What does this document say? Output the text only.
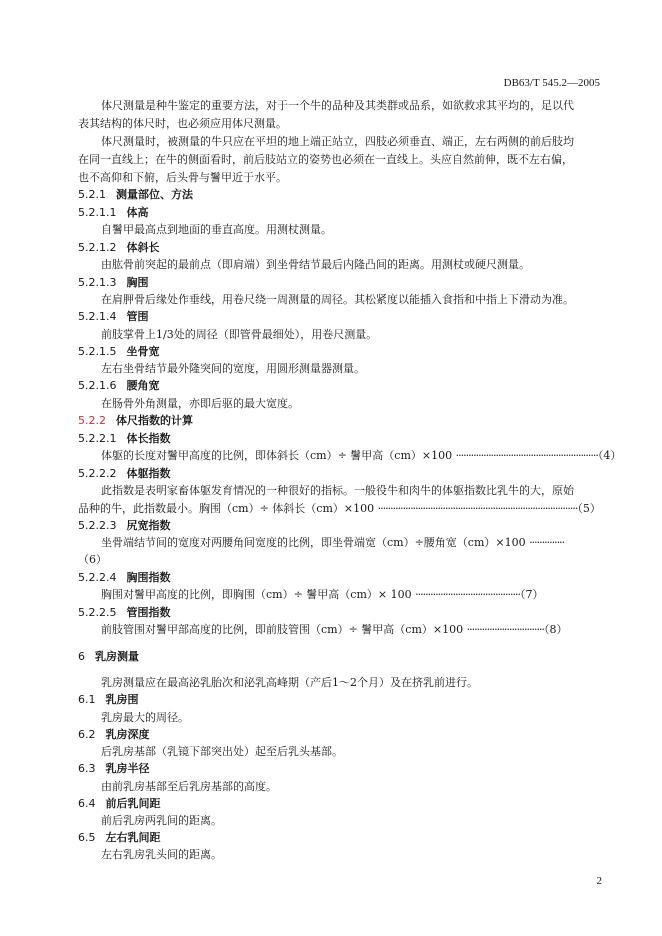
DB63/T 545.2—2005
体尺测量是种牛鉴定的重要方法，对于一个牛的品种及其类群或品系，如欲救求其平均的，足以代
表其结构的体尺时，也必须应用体尺测量。
体尺测量时，被测量的牛只应在平坦的地上端正站立，四肢必须垂直、端正，左右两侧的前后肢均
在同一直线上；在牛的侧面看时，前后肢站立的姿势也必须在一直线上。头应自然前伸，既不左右偏，
也不高仰和下俯，后头骨与鬐甲近于水平。
5.2.1 测量部位、方法
5.2.1.1 体高
自鬐甲最高点到地面的垂直高度。用测杖测量。
5.2.1.2 体斜长
由肱骨前突起的最前点（即肩端）到坐骨结节最后内隆凸间的距离。用测杖或硬尺测量。
5.2.1.3 胸围
在肩胛骨后缘处作垂线，用卷尺绕一周测量的周径。其松紧度以能插入食指和中指上下滑动为准。
5.2.1.4 管围
前肢掌骨上1/3处的周径（即管骨最细处），用卷尺测量。
5.2.1.5 坐骨宽
左右坐骨结节最外隆突间的宽度，用圆形测量器测量。
5.2.1.6 腰角宽
在肠骨外角测量，亦即后驱的最大宽度。
5.2.2 体尺指数的计算
5.2.2.1 体长指数
体躯的长度对鬐甲高度的比例，即体斜长（cm）÷ 鬐甲高（cm）×100 ·························································（4）
5.2.2.2 体躯指数
此指数是表明家畜体躯发育情况的一种很好的指标。一般役牛和肉牛的体躯指数比乳牛的大，原始
品种的牛，此指数最小。胸围（cm）÷ 体斜长（cm）×100 ················································································（5）
5.2.2.3 尻宽指数
坐骨端结节间的宽度对两腰角间宽度的比例，即坐骨端宽（cm）÷腰角宽（cm）×100 ··············
（6）
5.2.2.4 胸围指数
胸围对鬐甲高度的比例，即胸围（cm）÷ 鬐甲高（cm）× 100 ··········································（7）
5.2.2.5 管围指数
前肢管围对鬐甲部高度的比例，即前肢管围（cm）÷ 鬐甲高（cm）×100 ·······························（8）
6 乳房测量
乳房测量应在最高泌乳胎次和泌乳高峰期（产后1～2个月）及在挤乳前进行。
6.1 乳房围
乳房最大的周径。
6.2 乳房深度
后乳房基部（乳镜下部突出处）起至后乳头基部。
6.3 乳房半径
由前乳房基部至后乳房基部的高度。
6.4 前后乳间距
前后乳房两乳间的距离。
6.5 左右乳间距
左右乳房乳头间的距离。
2
